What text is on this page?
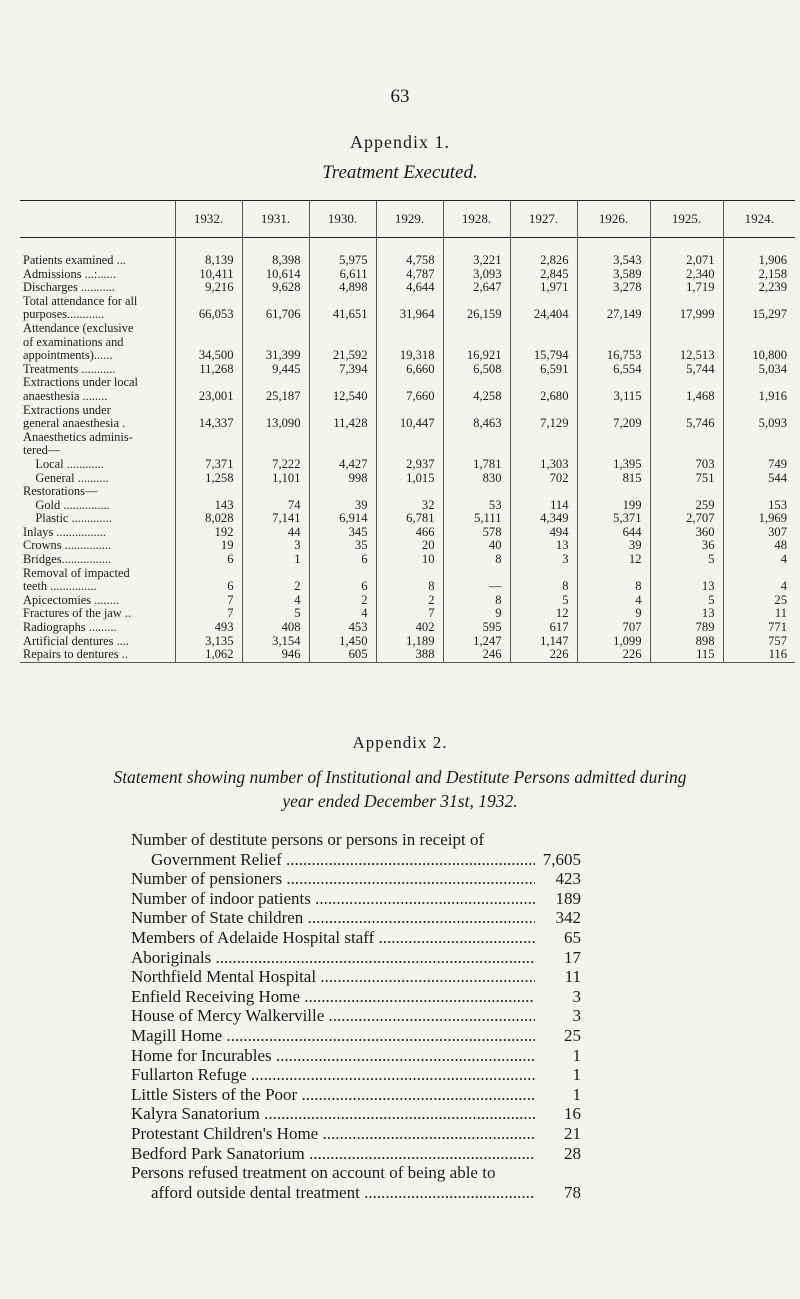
63
Appendix 1.
Treatment Executed.
	1932.	1931.	1930.	1929.	1928.	1927.	1926.	1925.	1924.

Patients examined ...	8,139	8,398	5,975	4,758	3,221	2,826	3,543	2,071	1,906

Admissions ...:......	10,411	10,614	6,611	4,787	3,093	2,845	3,589	2,340	2,158

Discharges ...........	9,216	9,628	4,898	4,644	2,647	1,971	3,278	1,719	2,239

Total attendance for all
purposes............	66,053	61,706	41,651	31,964	26,159	24,404	27,149	17,999	15,297

Attendance (exclusive
of examinations and
appointments)......	34,500	31,399	21,592	19,318	16,921	15,794	16,753	12,513	10,800

Treatments ...........	11,268	9,445	7,394	6,660	6,508	6,591	6,554	5,744	5,034

Extractions under local
anaesthesia ........	23,001	25,187	12,540	7,660	4,258	2,680	3,115	1,468	1,916

Extractions under
general anaesthesia .	14,337	13,090	11,428	10,447	8,463	7,129	7,209	5,746	5,093

Anaesthetics adminis-
tered—
Local ............	7,371	7,222	4,427	2,937	1,781	1,303	1,395	703	749

General ..........	1,258	1,101	998	1,015	830	702	815	751	544

Restorations—
Gold ...............	143	74	39	32	53	114	199	259	153

Plastic .............	8,028	7,141	6,914	6,781	5,111	4,349	5,371	2,707	1,969

Inlays ................	192	44	345	466	578	494	644	360	307

Crowns ...............	19	3	35	20	40	13	39	36	48

Bridges................	6	1	6	10	8	3	12	5	4

Removal of impacted
teeth ...............	6	2	6	8	—	8	8	13	4

Apicectomies ........	7	4	2	2	8	5	4	5	25

Fractures of the jaw ..	7	5	4	7	9	12	9	13	11

Radiographs .........	493	408	453	402	595	617	707	789	771

Artificial dentures ....	3,135	3,154	1,450	1,189	1,247	1,147	1,099	898	757

Repairs to dentures ..	1,062	946	605	388	246	226	226	115	116
Appendix 2.
Statement showing number of Institutional and Destitute Persons admitted during
year ended December 31st, 1932.
Number of destitute persons or persons in receipt of
Government Relief .....	7,605
Number of pensioners .....	423
Number of indoor patients .....	189
Number of State children .....	342
Members of Adelaide Hospital staff .....	65
Aboriginals .....	17
Northfield Mental Hospital .....	11
Enfield Receiving Home .....	3
House of Mercy Walkerville .....	3
Magill Home .....	25
Home for Incurables .....	1
Fullarton Refuge .....	1
Little Sisters of the Poor .....	1
Kalyra Sanatorium .....	16
Protestant Children's Home .....	21
Bedford Park Sanatorium .....	28
Persons refused treatment on account of being able to
afford outside dental treatment .....	78
